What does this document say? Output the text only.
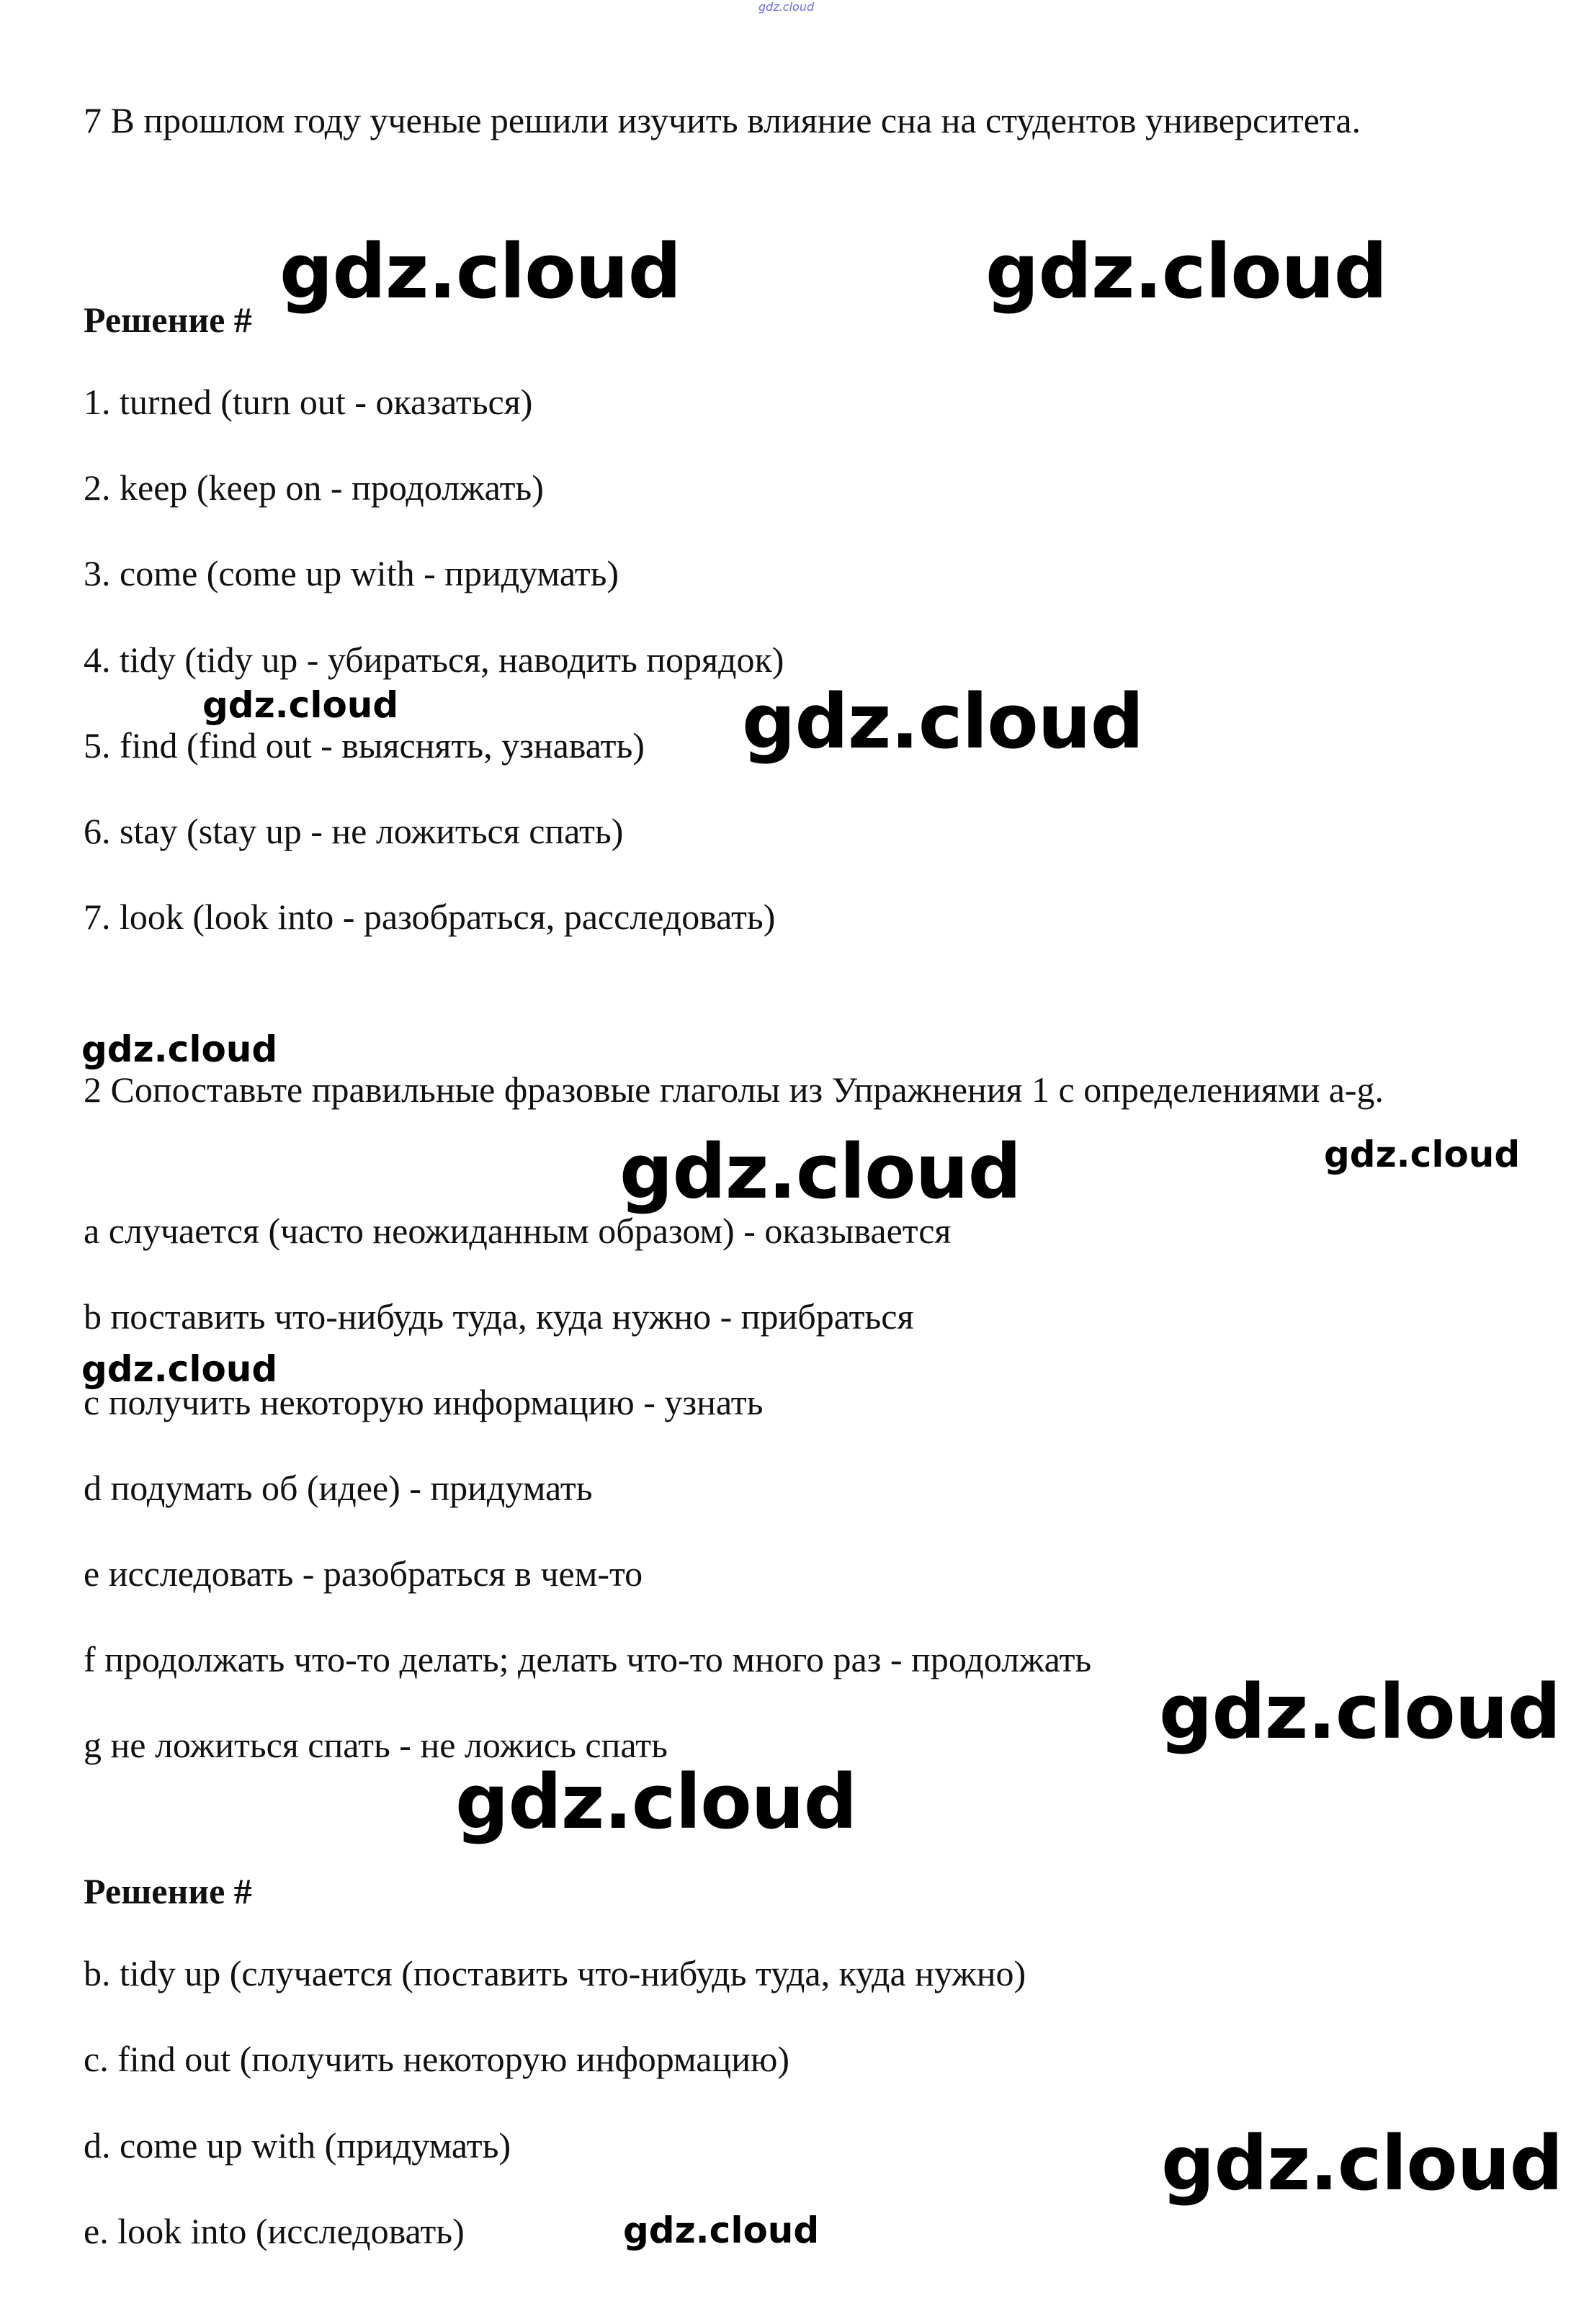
gdz.cloud
7 В прошлом году ученые решили изучить влияние сна на студентов университета.
Решение #
1. turned (turn out - оказаться)
2. keep (keep on - продолжать)
3. come (come up with - придумать)
4. tidy (tidy up - убираться, наводить порядок)
5. find (find out - выяснять, узнавать)
6. stay (stay up - не ложиться спать)
7. look (look into - разобраться, расследовать)
2 Сопоставьте правильные фразовые глаголы из Упражнения 1 с определениями a-g.
a случается (часто неожиданным образом) - оказывается
b поставить что-нибудь туда, куда нужно - прибраться
c получить некоторую информацию - узнать
d подумать об (идее) - придумать
e исследовать - разобраться в чем-то
f продолжать что-то делать; делать что-то много раз - продолжать
g не ложиться спать - не ложись спать
Решение #
b. tidy up (случается (поставить что-нибудь туда, куда нужно)
c. find out (получить некоторую информацию)
d. come up with (придумать)
e. look into (исследовать)
gdz.cloud	gdz.cloud
gdz.cloud	gdz.cloud
gdz.cloud
gdz.cloud	gdz.cloud
gdz.cloud
gdz.cloud
gdz.cloud
gdz.cloud
gdz.cloud
